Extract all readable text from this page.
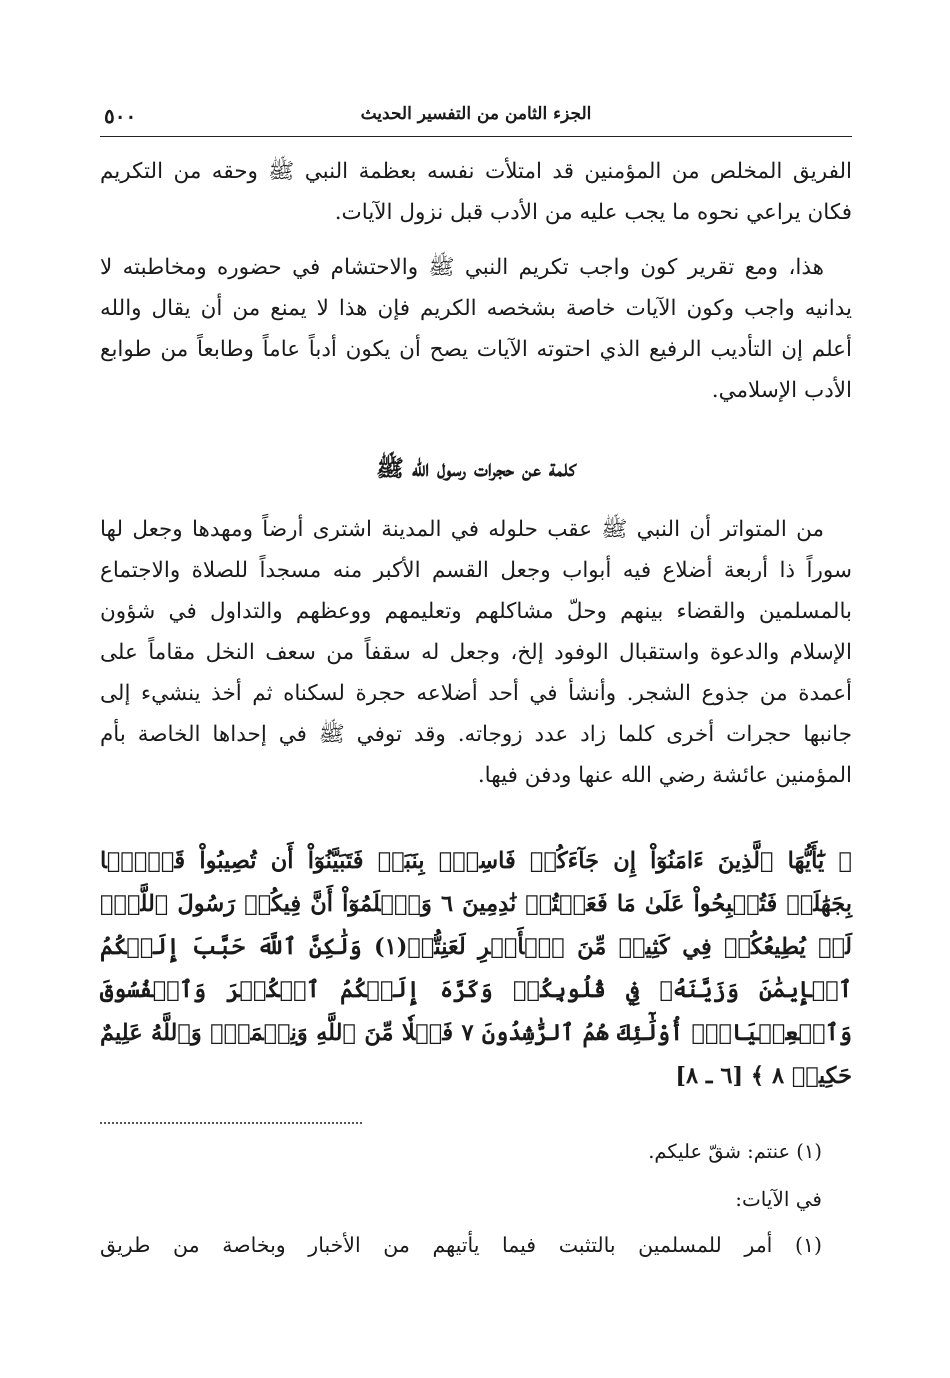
الجزء الثامن من التفسير الحديث
٥٠٠

الفريق المخلص من المؤمنين قد امتلأت نفسه بعظمة النبي ﷺ وحقه من التكريم فكان يراعي نحوه ما يجب عليه من الأدب قبل نزول الآيات.

هذا، ومع تقرير كون واجب تكريم النبي ﷺ والاحتشام في حضوره ومخاطبته لا يدانيه واجب وكون الآيات خاصة بشخصه الكريم فإن هذا لا يمنع من أن يقال والله أعلم إن التأديب الرفيع الذي احتوته الآيات يصح أن يكون أدباً عاماً وطابعاً من طوابع الأدب الإسلامي.

كلمة عن حجرات رسول الله ﷺ

من المتواتر أن النبي ﷺ عقب حلوله في المدينة اشترى أرضاً ومهدها وجعل لها سوراً ذا أربعة أضلاع فيه أبواب وجعل القسم الأكبر منه مسجداً للصلاة والاجتماع بالمسلمين والقضاء بينهم وحلّ مشاكلهم وتعليمهم ووعظهم والتداول في شؤون الإسلام والدعوة واستقبال الوفود إلخ، وجعل له سقفاً من سعف النخل مقاماً على أعمدة من جذوع الشجر. وأنشأ في أحد أضلاعه حجرة لسكناه ثم أخذ ينشيء إلى جانبها حجرات أخرى كلما زاد عدد زوجاته. وقد توفي ﷺ في إحداها الخاصة بأم المؤمنين عائشة رضي الله عنها ودفن فيها.

﴿ يَٰٓأَيُّهَا ٱلَّذِينَ ءَامَنُوٓاْ إِن جَآءَكُمۡ فَاسِقُۢ بِنَبَإٖ فَتَبَيَّنُوٓاْ أَن تُصِيبُواْ قَوۡمَۢا بِجَهَٰلَةٖ فَتُصۡبِحُواْ عَلَىٰ مَا فَعَلۡتُمۡ نَٰدِمِينَ ٦ وَٱعۡلَمُوٓاْ أَنَّ فِيكُمۡ رَسُولَ ٱللَّهِۚ لَوۡ يُطِيعُكُمۡ فِي كَثِيرٖ مِّنَ ٱلۡأَمۡرِ لَعَنِتُّمۡ(١) وَلَٰكِنَّ ٱللَّهَ حَبَّبَ إِلَيۡكُمُ ٱلۡإِيمَٰنَ وَزَيَّنَهُۥ فِي قُلُوبِكُمۡ وَكَرَّهَ إِلَيۡكُمُ ٱلۡكُفۡرَ وَٱلۡفُسُوقَ وَٱلۡعِصۡيَانَۚ أُوْلَٰٓئِكَ هُمُ ٱلرَّٰشِدُونَ ٧ فَضۡلٗا مِّنَ ٱللَّهِ وَنِعۡمَةٗۚ وَٱللَّهُ عَلِيمٌ حَكِيمٞ ٨ ﴾ [٦ ـ ٨]

(١) عنتم: شقّ عليكم.
في الآيات:

(١) أمر للمسلمين بالتثبت فيما يأتيهم من الأخبار وبخاصة من طريق
